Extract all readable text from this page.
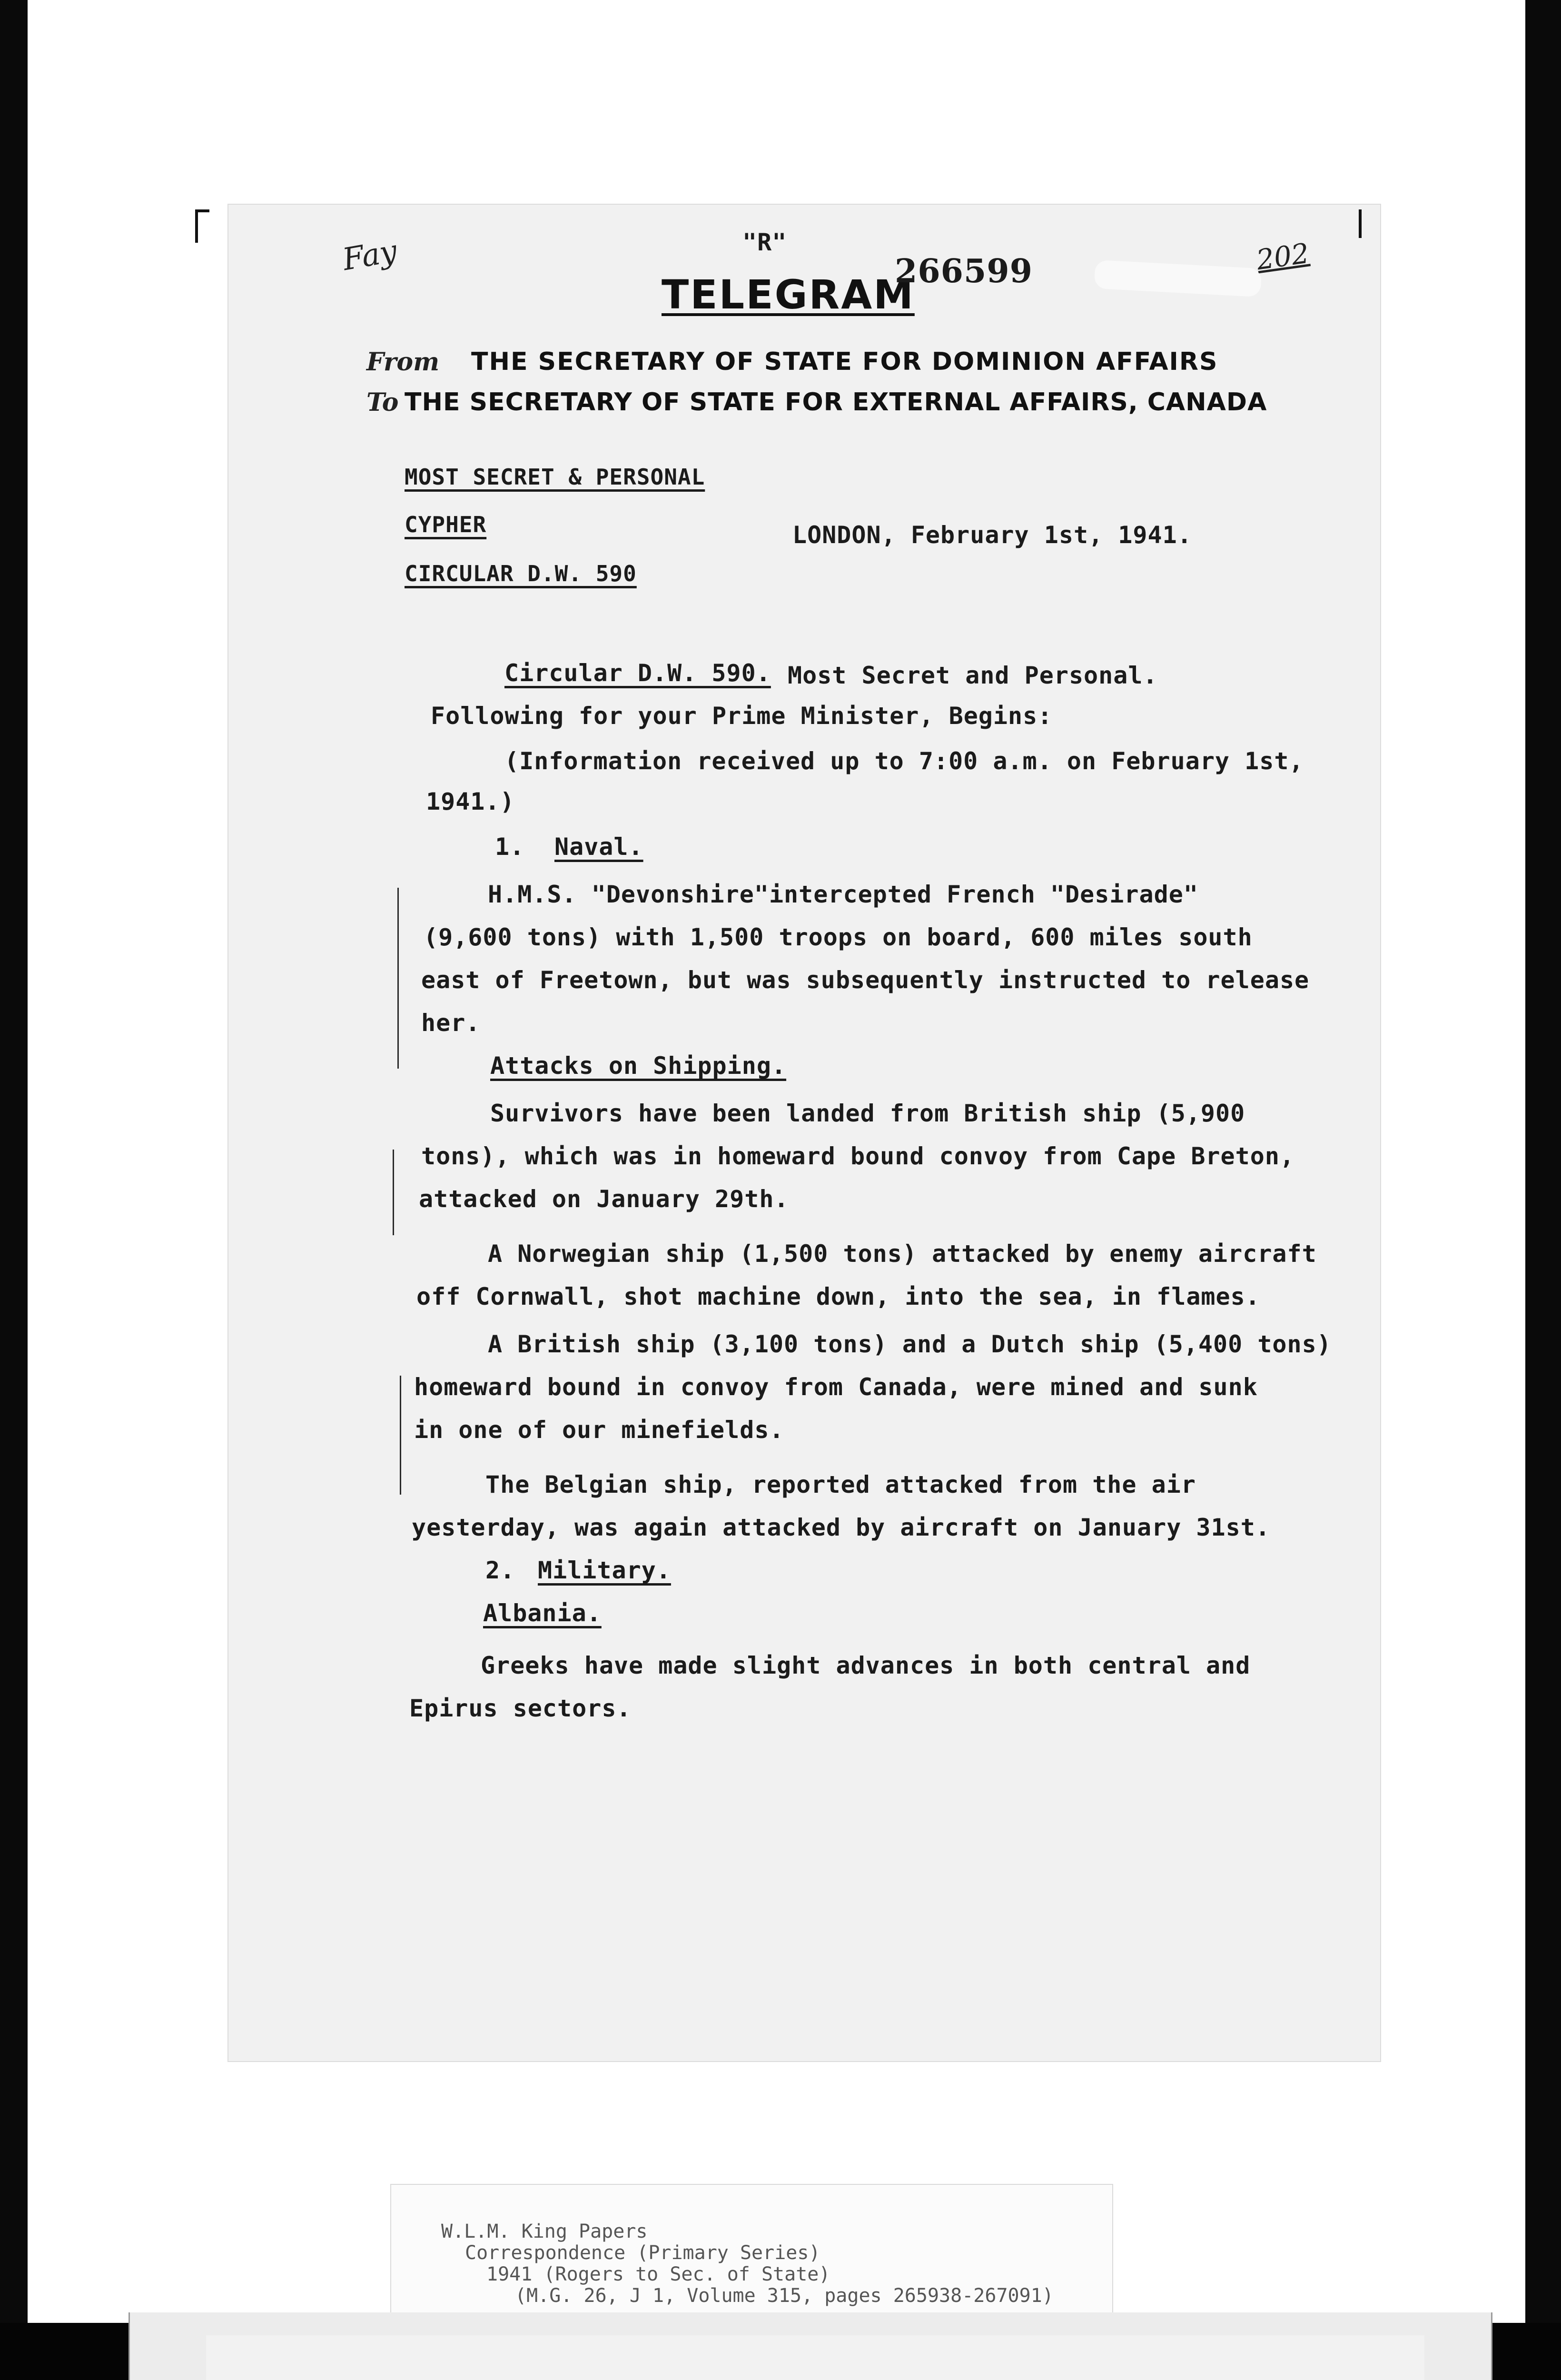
Fay	202
"R"
TELEGRAM
266599
From THE SECRETARY OF STATE FOR DOMINION AFFAIRS
To THE SECRETARY OF STATE FOR EXTERNAL AFFAIRS, CANADA
MOST SECRET & PERSONAL
CYPHER
CIRCULAR D.W. 590
LONDON, February 1st, 1941.
Circular D.W. 590. Most Secret and Personal.
Following for your Prime Minister, Begins:
(Information received up to 7:00 a.m. on February 1st,
1941.)
1. Naval.
H.M.S. "Devonshire"intercepted French "Desirade"
(9,600 tons) with 1,500 troops on board, 600 miles south
east of Freetown, but was subsequently instructed to release
her.
Attacks on Shipping.
Survivors have been landed from British ship (5,900
tons), which was in homeward bound convoy from Cape Breton,
attacked on January 29th.
A Norwegian ship (1,500 tons) attacked by enemy aircraft
off Cornwall, shot machine down, into the sea, in flames.
A British ship (3,100 tons) and a Dutch ship (5,400 tons)
homeward bound in convoy from Canada, were mined and sunk
in one of our minefields.
The Belgian ship, reported attacked from the air
yesterday, was again attacked by aircraft on January 31st.
2. Military.
Albania.
Greeks have made slight advances in both central and
Epirus sectors.
W.L.M. King Papers
Correspondence (Primary Series)
1941 (Rogers to Sec. of State)
(M.G. 26, J 1, Volume 315, pages 265938-267091)
